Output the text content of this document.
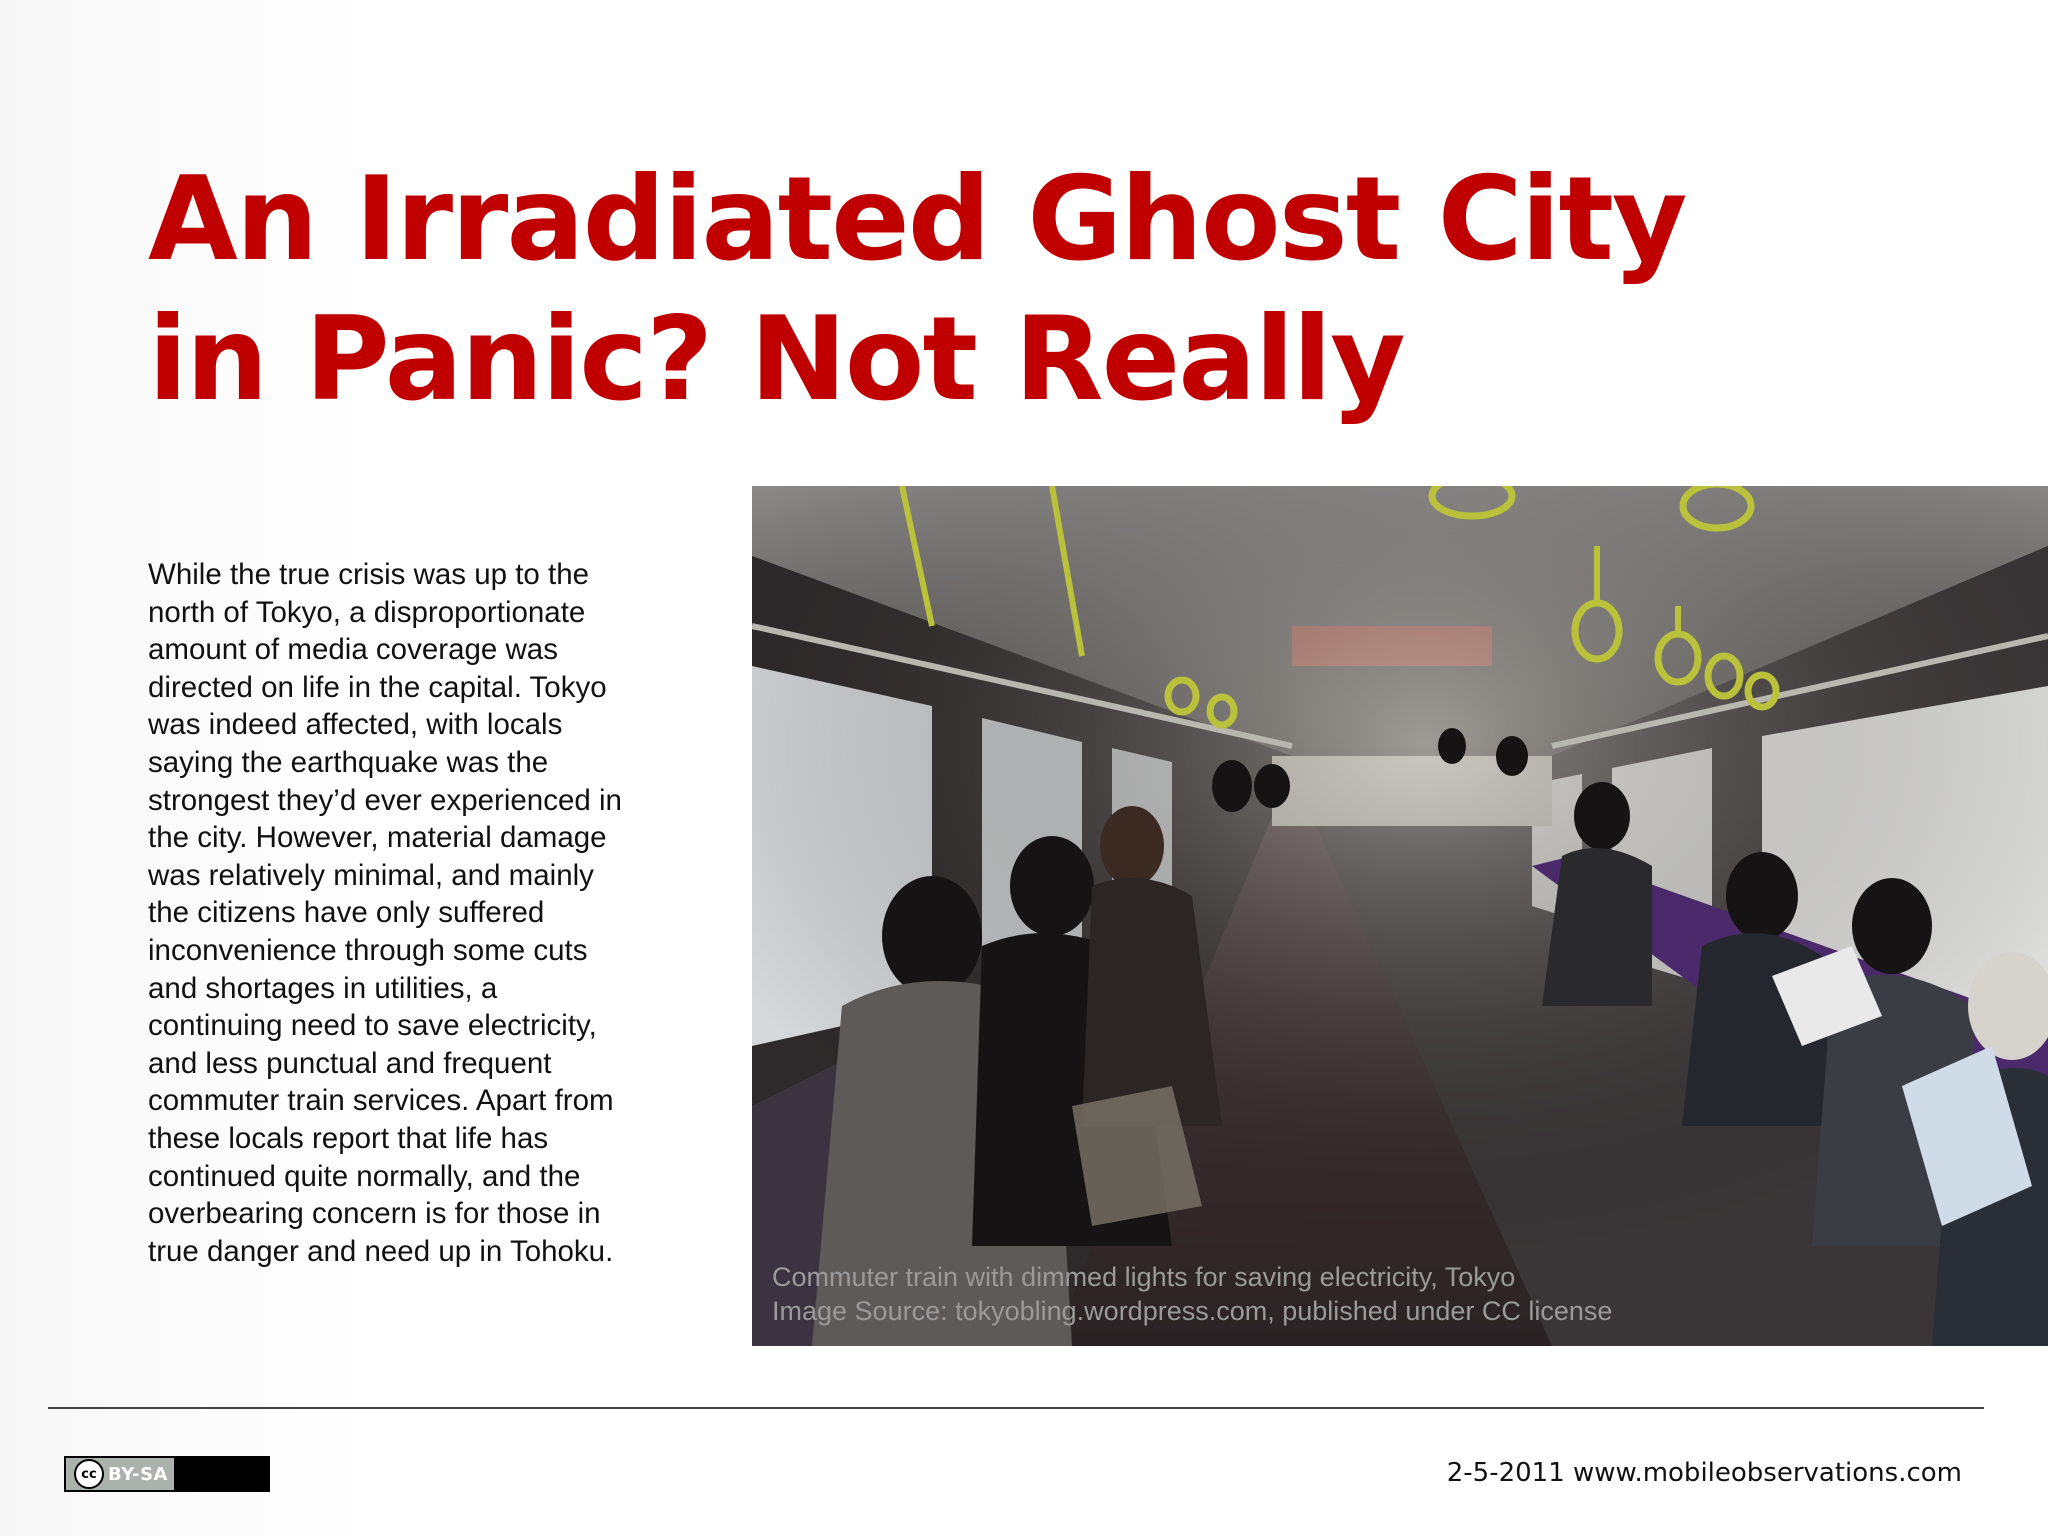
An Irradiated Ghost City
in Panic? Not Really
While the true crisis was up to the
north of Tokyo, a disproportionate
amount of media coverage was
directed on life in the capital. Tokyo
was indeed affected, with locals
saying the earthquake was the
strongest they’d ever experienced in
the city. However, material damage
was relatively minimal, and mainly
the citizens have only suffered
inconvenience through some cuts
and shortages in utilities, a
continuing need to save electricity,
and less punctual and frequent
commuter train services. Apart from
these locals report that life has
continued quite normally, and the
overbearing concern is for those in
true danger and need up in Tohoku.
Commuter train with dimmed lights for saving electricity, Tokyo
Image Source: tokyobling.wordpress.com, published under CC license
cc BY-SA	2-5-2011 www.mobileobservations.com
